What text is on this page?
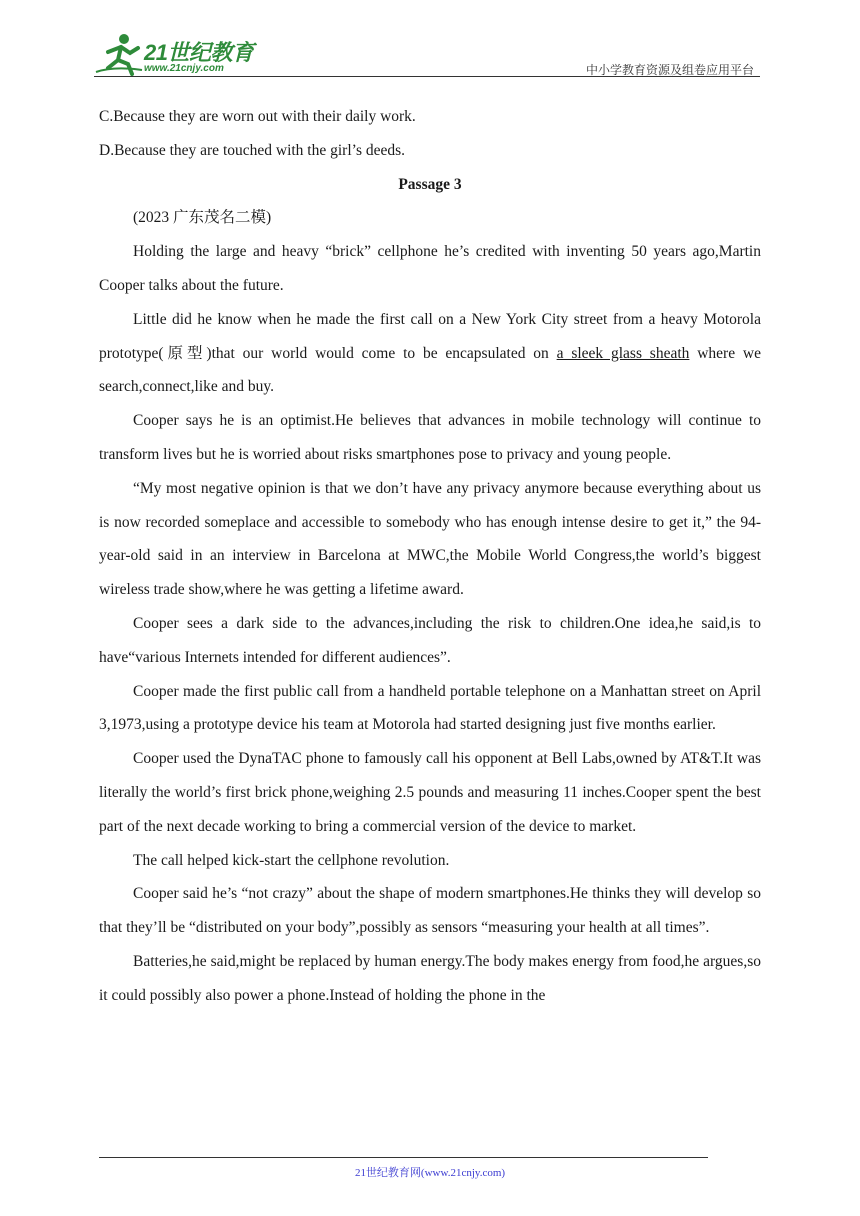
21世纪教育
www.21cnjy.com	中小学教育资源及组卷应用平台

C.Because they are worn out with their daily work.

D.Because they are touched with the girl’s deeds.

Passage 3

(2023 广东茂名二模)

Holding the large and heavy “brick” cellphone he’s credited with inventing 50 years ago,Martin Cooper talks about the future.

Little did he know when he made the first call on a New York City street from a heavy Motorola prototype(原型)that our world would come to be encapsulated on a sleek glass sheath where we search,connect,like and buy.

Cooper says he is an optimist.He believes that advances in mobile technology will continue to transform lives but he is worried about risks smartphones pose to privacy and young people.

“My most negative opinion is that we don’t have any privacy anymore because everything about us is now recorded someplace and accessible to somebody who has enough intense desire to get it,” the 94-year-old said in an interview in Barcelona at MWC,the Mobile World Congress,the world’s biggest wireless trade show,where he was getting a lifetime award.

Cooper sees a dark side to the advances,including the risk to children.One idea,he said,is to have“various Internets intended for different audiences”.

Cooper made the first public call from a handheld portable telephone on a Manhattan street on April 3,1973,using a prototype device his team at Motorola had started designing just five months earlier.

Cooper used the DynaTAC phone to famously call his opponent at Bell Labs,owned by AT&T.It was literally the world’s first brick phone,weighing 2.5 pounds and measuring 11 inches.Cooper spent the best part of the next decade working to bring a commercial version of the device to market.

The call helped kick-start the cellphone revolution.

Cooper said he’s “not crazy” about the shape of modern smartphones.He thinks they will develop so that they’ll be “distributed on your body”,possibly as sensors “measuring your health at all times”.

Batteries,he said,might be replaced by human energy.The body makes energy from food,he argues,so it could possibly also power a phone.Instead of holding the phone in the

21世纪教育网(www.21cnjy.com)
